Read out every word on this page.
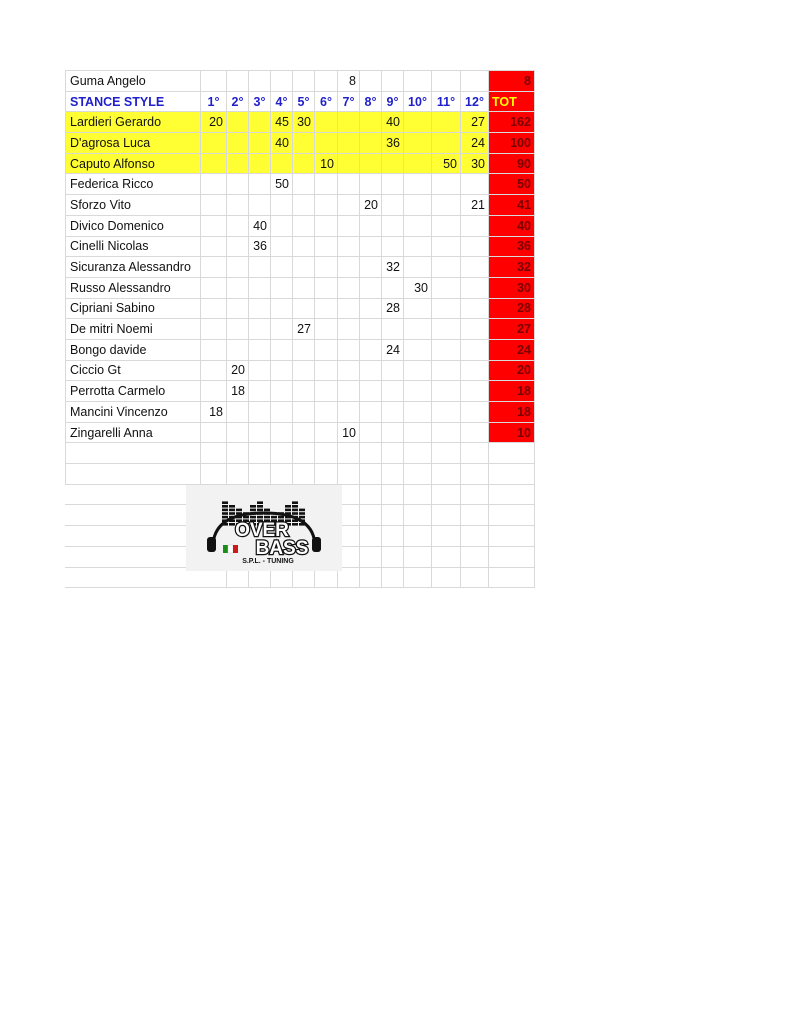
Guma Angelo							8						8
STANCE STYLE	1°	2°	3°	4°	5°	6°	7°	8°	9°	10°	11°	12°	TOT
Lardieri Gerardo	20			45	30				40			27	162
D'agrosa Luca				40					36			24	100
Caputo Alfonso						10					50	30	90
Federica Ricco				50									50
Sforzo Vito								20				21	41
Divico Domenico			40										40
Cinelli Nicolas			36										36
Sicuranza Alessandro									32				32
Russo Alessandro										30			30
Cipriani Sabino									28				28
De mitri Noemi					27								27
Bongo davide									24				24
Ciccio Gt		20											20
Perrotta Carmelo		18											18
Mancini Vincenzo	18												18
Zingarelli Anna							10						10

OVER
BASS
S.P.L. - TUNING
